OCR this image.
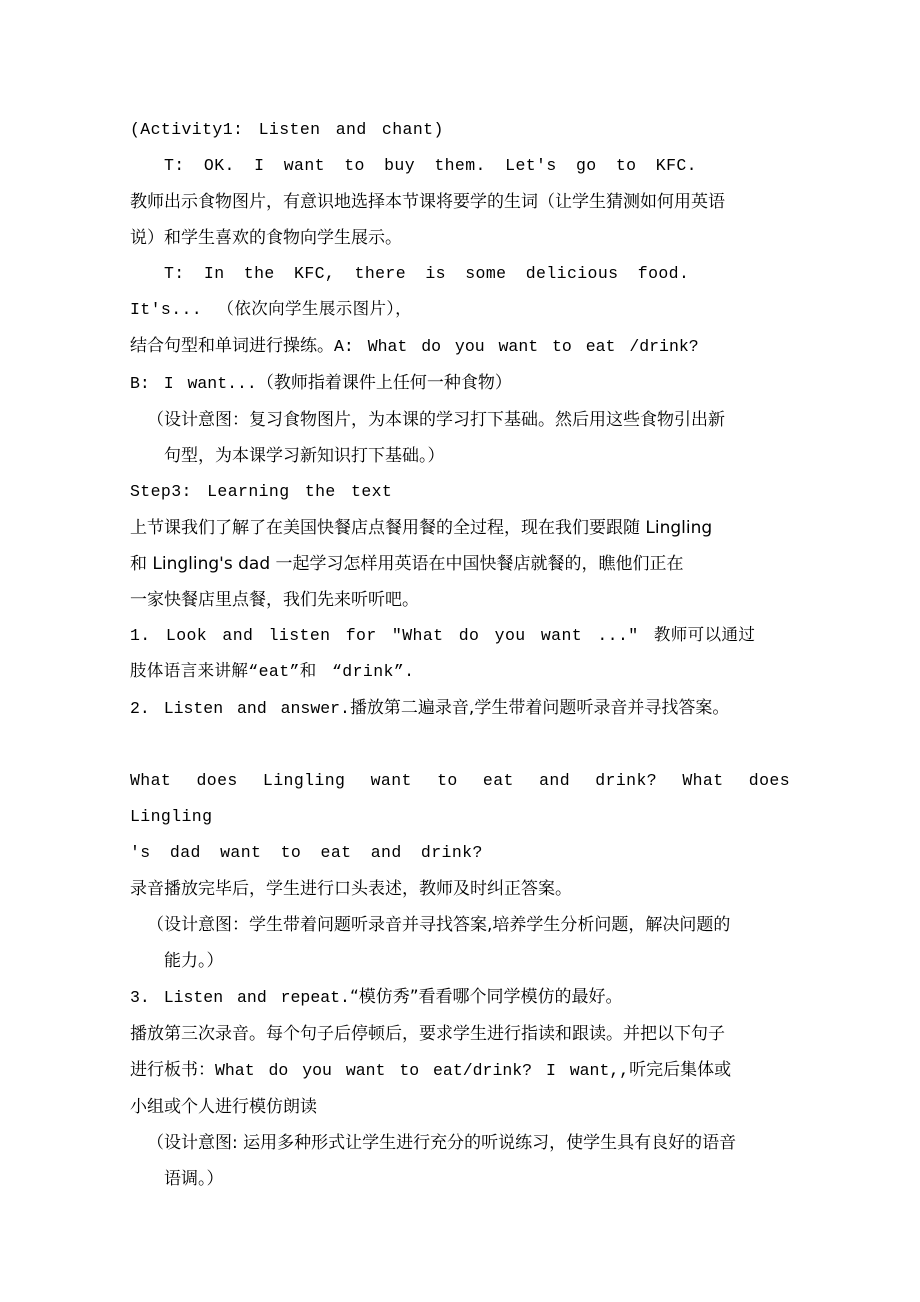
(Activity1: Listen and chant)

T: OK. I want to buy them. Let's go to KFC.

教师出示食物图片，有意识地选择本节课将要学的生词（让学生猜测如何用英语

说）和学生喜欢的食物向学生展示。

T: In the KFC, there is some delicious food.

It's... （依次向学生展示图片），

结合句型和单词进行操练。A: What do you want to eat /drink?

B: I want...（教师指着课件上任何一种食物）

（设计意图：复习食物图片，为本课的学习打下基础。然后用这些食物引出新

句型，为本课学习新知识打下基础。）

Step3: Learning the text

上节课我们了解了在美国快餐店点餐用餐的全过程，现在我们要跟随 Lingling

和 Lingling's dad 一起学习怎样用英语在中国快餐店就餐的，瞧他们正在

一家快餐店里点餐，我们先来听听吧。

1. Look and listen for "What do you want ..." 教师可以通过

肢体语言来讲解“eat”和 “drink”.

2. Listen and answer.播放第二遍录音,学生带着问题听录音并寻找答案。

What does Lingling want to eat and drink? What does Lingling

's dad want to eat and drink?

录音播放完毕后，学生进行口头表述，教师及时纠正答案。

（设计意图：学生带着问题听录音并寻找答案,培养学生分析问题，解决问题的

能力。）

3. Listen and repeat.“模仿秀”看看哪个同学模仿的最好。

播放第三次录音。每个句子后停顿后，要求学生进行指读和跟读。并把以下句子

进行板书：What do you want to eat/drink? I want,,听完后集体或

小组或个人进行模仿朗读

（设计意图: 运用多种形式让学生进行充分的听说练习，使学生具有良好的语音

语调。）
